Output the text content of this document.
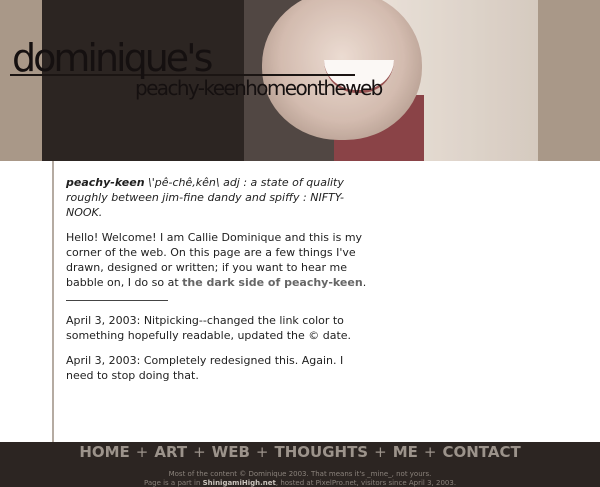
dominique's
peachy-keenhomeontheweb

peachy-keen \'pê-chê,kên\ adj : a state of quality roughly between jim-fine dandy and spiffy : NIFTY-NOOK.

Hello! Welcome! I am Callie Dominique and this is my corner of the web. On this page are a few things I've drawn, designed or written; if you want to hear me babble on, I do so at the dark side of peachy-keen.

April 3, 2003: Nitpicking--changed the link color to something hopefully readable, updated the © date.

April 3, 2003: Completely redesigned this. Again. I need to stop doing that.

HOME + ART + WEB + THOUGHTS + ME + CONTACT
Most of the content © Dominique 2003. That means it's _mine_, not yours.
Page is a part in ShinigamiHigh.net, hosted at PixelPro.net, visitors since April 3, 2003.
